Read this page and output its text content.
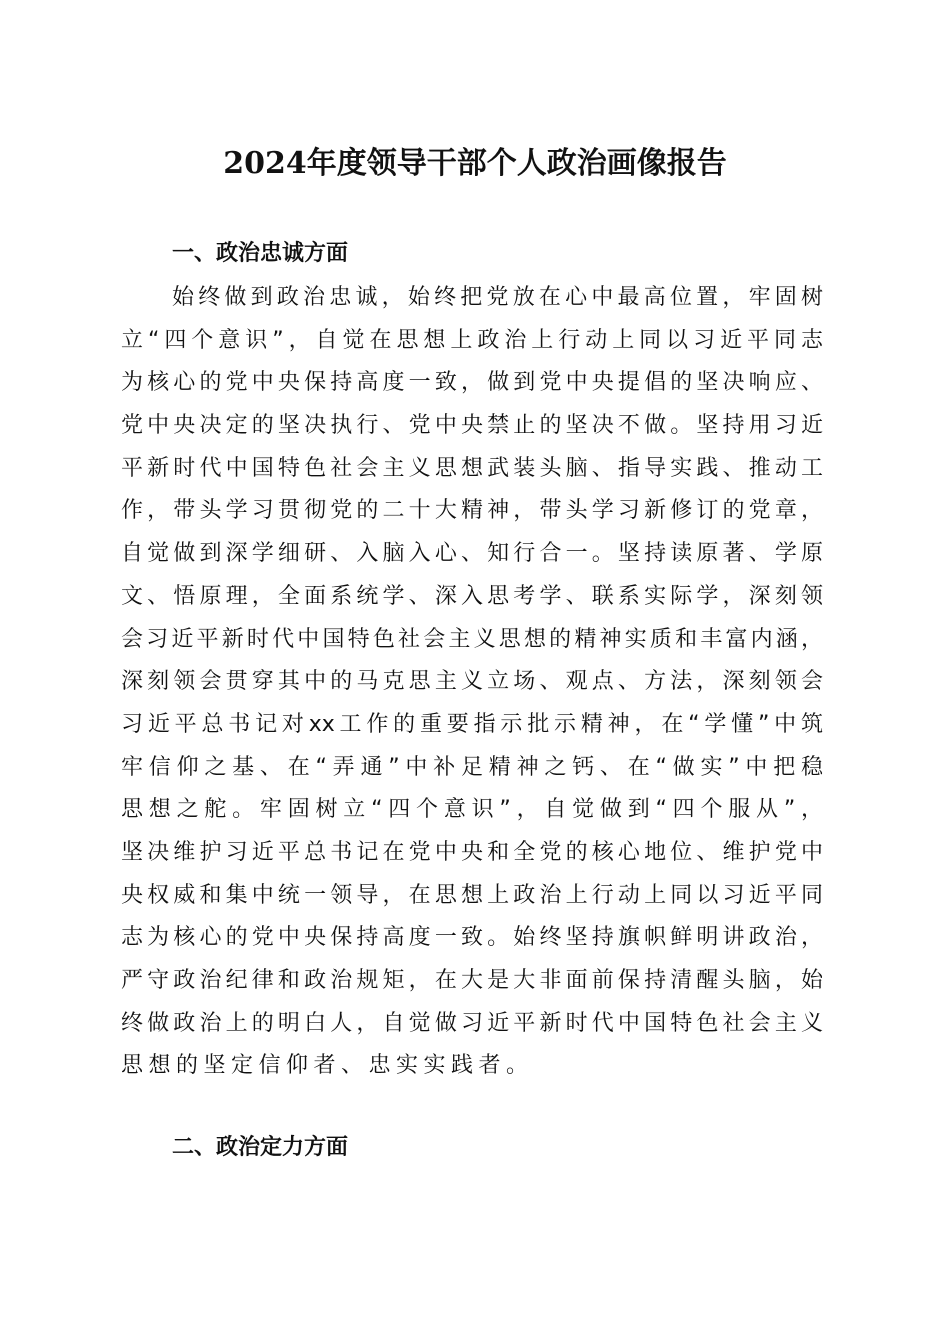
2024年度领导干部个人政治画像报告
一、政治忠诚方面
始终做到政治忠诚，始终把党放在心中最高位置，牢固树
立“四个意识”，自觉在思想上政治上行动上同以习近平同志
为核心的党中央保持高度一致，做到党中央提倡的坚决响应、
党中央决定的坚决执行、党中央禁止的坚决不做。坚持用习近
平新时代中国特色社会主义思想武装头脑、指导实践、推动工
作，带头学习贯彻党的二十大精神，带头学习新修订的党章，
自觉做到深学细研、入脑入心、知行合一。坚持读原著、学原
文、悟原理，全面系统学、深入思考学、联系实际学，深刻领
会习近平新时代中国特色社会主义思想的精神实质和丰富内涵，
深刻领会贯穿其中的马克思主义立场、观点、方法，深刻领会
习近平总书记对xx工作的重要指示批示精神，在“学懂”中筑
牢信仰之基、在“弄通”中补足精神之钙、在“做实”中把稳
思想之舵。牢固树立“四个意识”，自觉做到“四个服从”，
坚决维护习近平总书记在党中央和全党的核心地位、维护党中
央权威和集中统一领导，在思想上政治上行动上同以习近平同
志为核心的党中央保持高度一致。始终坚持旗帜鲜明讲政治，
严守政治纪律和政治规矩，在大是大非面前保持清醒头脑，始
终做政治上的明白人，自觉做习近平新时代中国特色社会主义
思想的坚定信仰者、忠实实践者。
二、政治定力方面
